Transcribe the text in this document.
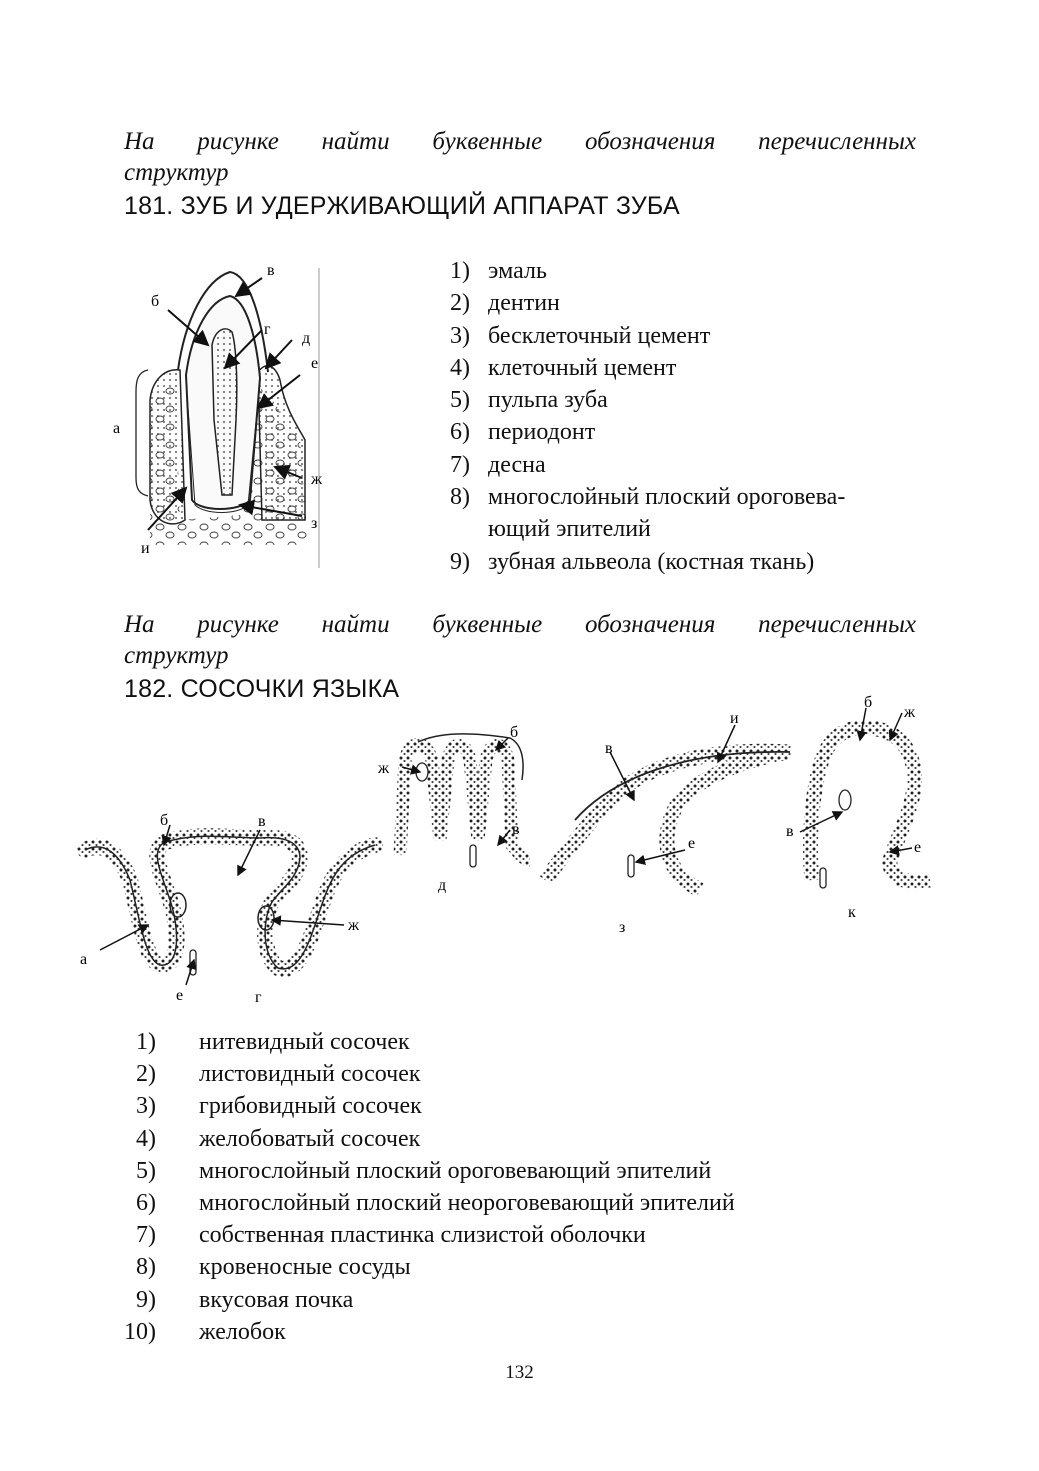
На рисунке найти буквенные обозначения перечисленных
структур
181. ЗУБ И УДЕРЖИВАЮЩИЙ АППАРАТ ЗУБА
в
б
г
д
е
а
ж
з
и
1) эмаль
2) дентин
3) бесклеточный цемент
4) клеточный цемент
5) пульпа зуба
6) периодонт
7) десна
8) многослойный плоский ороговева-
ющий эпителий
9) зубная альвеола (костная ткань)
На рисунке найти буквенные обозначения перечисленных
структур
182. СОСОЧКИ ЯЗЫКА
а
б	в
ж
е	г
ж
б
в
д
в
и
е
з
б
ж
в
е
к
1)	нитевидный сосочек
2)	листовидный сосочек
3)	грибовидный сосочек
4)	желобоватый сосочек
5)	многослойный плоский ороговевающий эпителий
6)	многослойный плоский неороговевающий эпителий
7)	собственная пластинка слизистой оболочки
8)	кровеносные сосуды
9)	вкусовая почка
10)	желобок
132
